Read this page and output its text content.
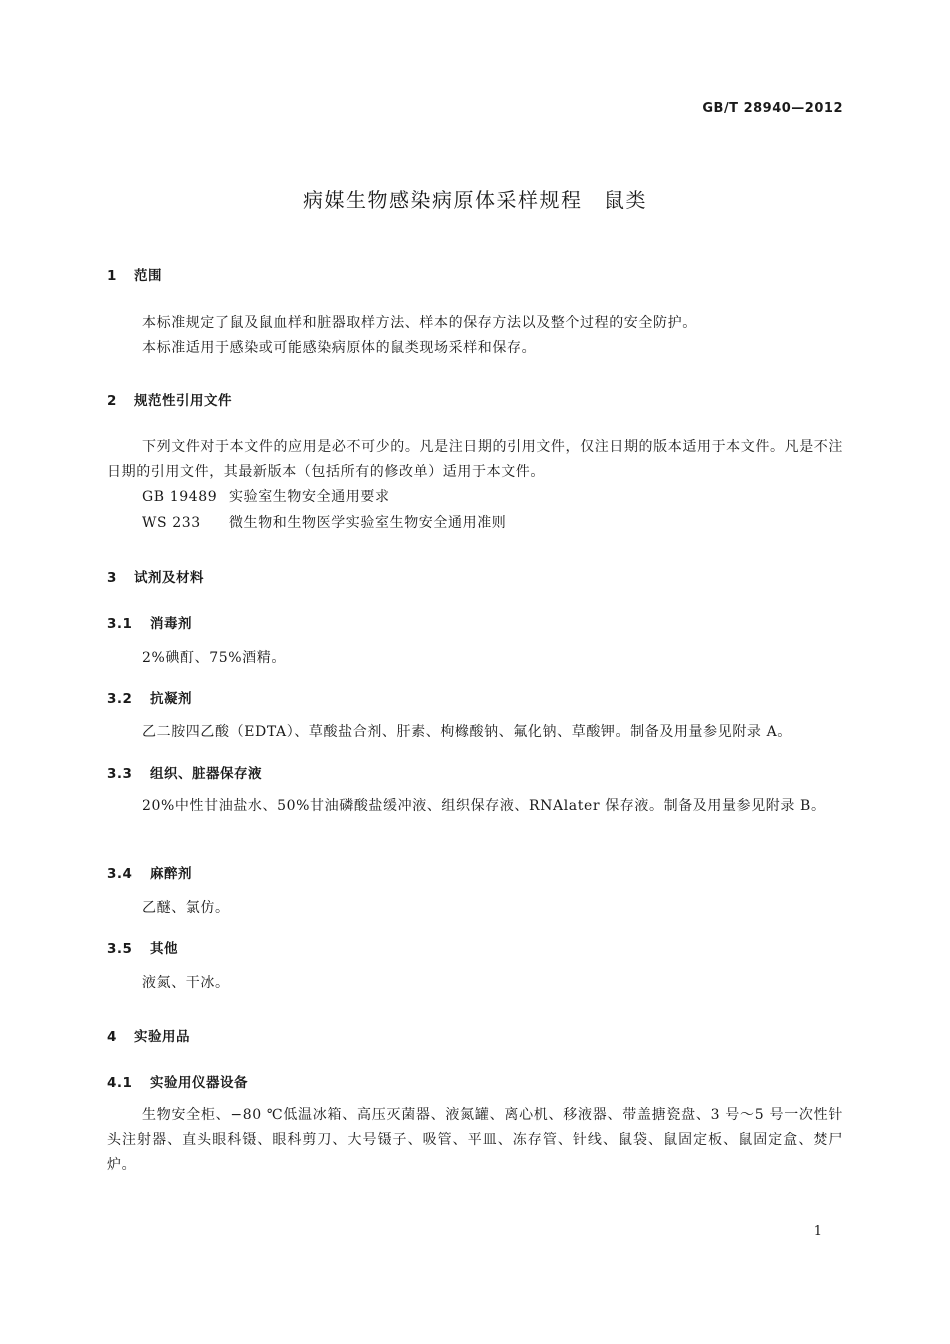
GB/T 28940—2012
病媒生物感染病原体采样规程　鼠类
1 范围
本标准规定了鼠及鼠血样和脏器取样方法、样本的保存方法以及整个过程的安全防护。
本标准适用于感染或可能感染病原体的鼠类现场采样和保存。
2 规范性引用文件
下列文件对于本文件的应用是必不可少的。凡是注日期的引用文件，仅注日期的版本适用于本文件。凡是不注日期的引用文件，其最新版本（包括所有的修改单）适用于本文件。
GB 19489 实验室生物安全通用要求
WS 233 微生物和生物医学实验室生物安全通用准则
3 试剂及材料
3.1 消毒剂
2%碘酊、75%酒精。
3.2 抗凝剂
乙二胺四乙酸（EDTA）、草酸盐合剂、肝素、枸橼酸钠、氟化钠、草酸钾。制备及用量参见附录 A。
3.3 组织、脏器保存液
20%中性甘油盐水、50%甘油磷酸盐缓冲液、组织保存液、RNAlater 保存液。制备及用量参见附录 B。
3.4 麻醉剂
乙醚、氯仿。
3.5 其他
液氮、干冰。
4 实验用品
4.1 实验用仪器设备
生物安全柜、−80 ℃低温冰箱、高压灭菌器、液氮罐、离心机、移液器、带盖搪瓷盘、3 号～5 号一次性针头注射器、直头眼科镊、眼科剪刀、大号镊子、吸管、平皿、冻存管、针线、鼠袋、鼠固定板、鼠固定盒、焚尸炉。
1
